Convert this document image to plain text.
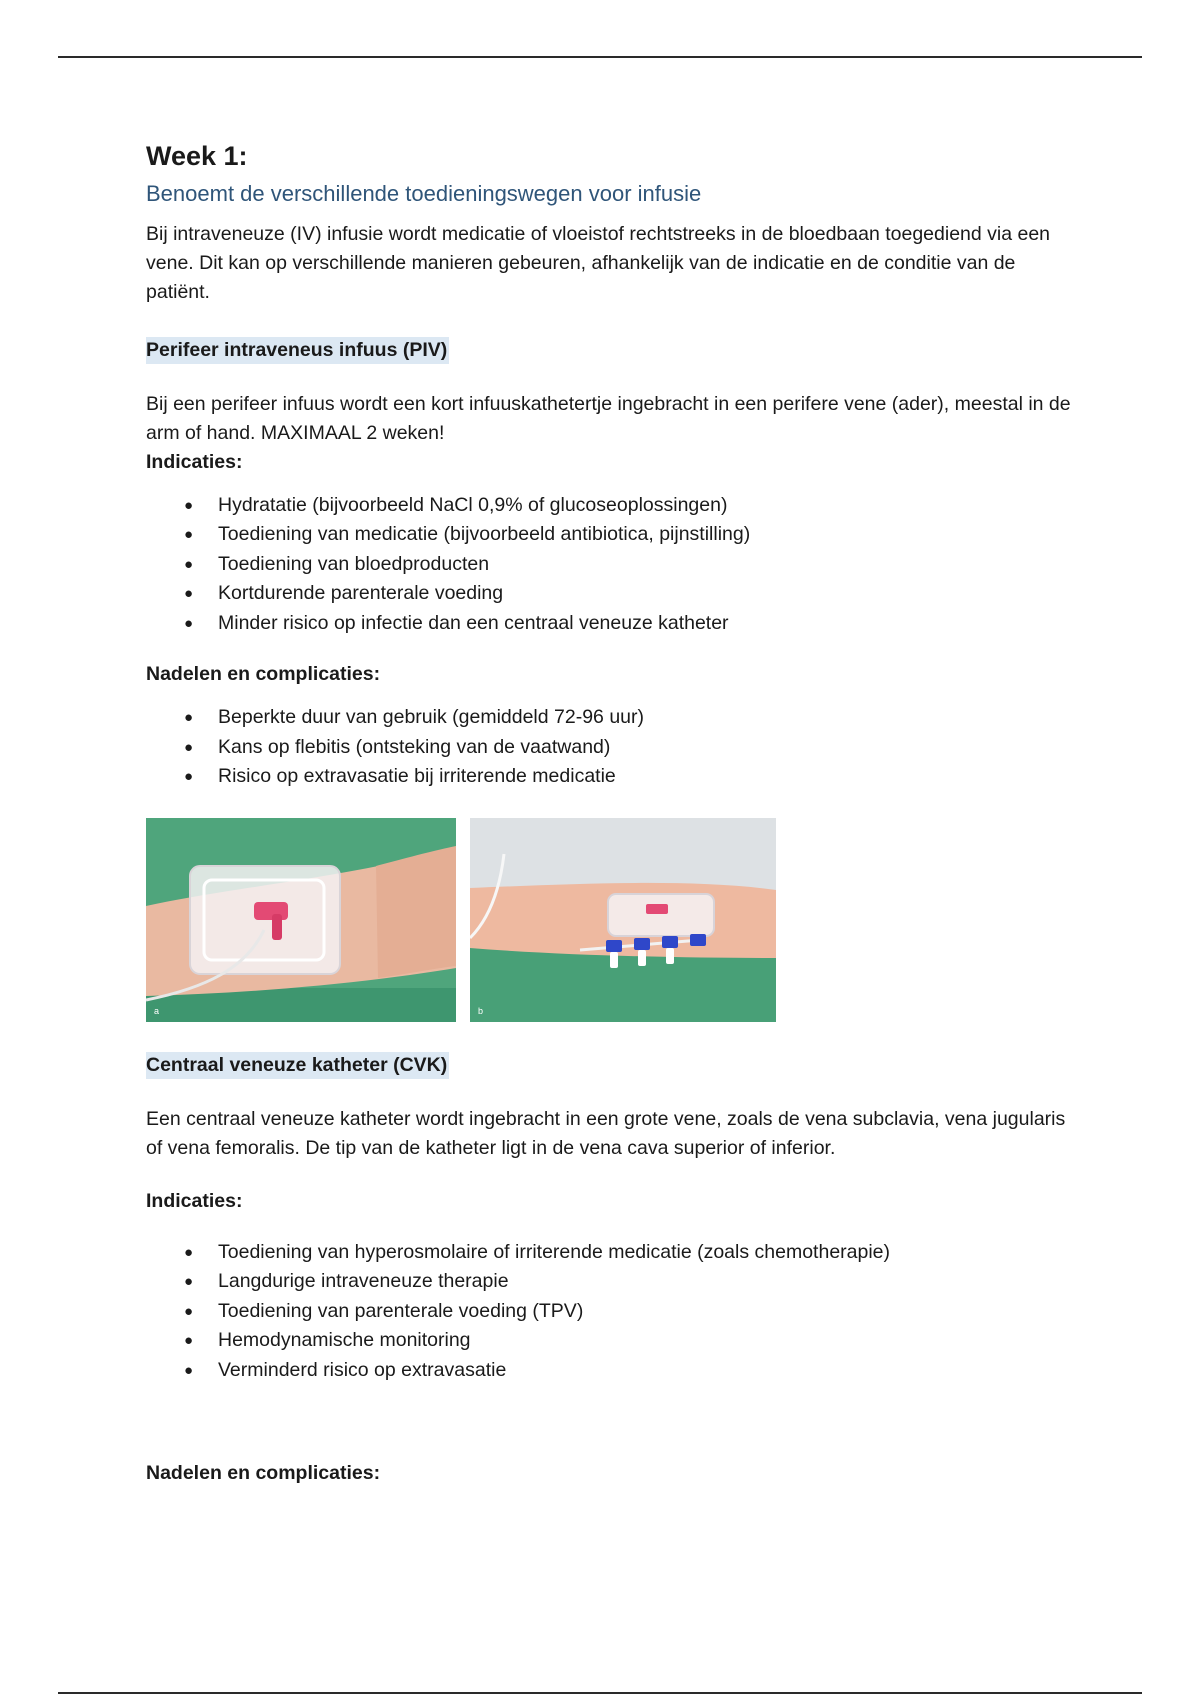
Week 1:
Benoemt de verschillende toedieningswegen voor infusie

Bij intraveneuze (IV) infusie wordt medicatie of vloeistof rechtstreeks in de bloedbaan toegediend via een vene. Dit kan op verschillende manieren gebeuren, afhankelijk van de indicatie en de conditie van de patiënt.

Perifeer intraveneus infuus (PIV)

Bij een perifeer infuus wordt een kort infuuskathetertje ingebracht in een perifere vene (ader), meestal in de arm of hand. MAXIMAAL 2 weken!

Indicaties:
● Hydratatie (bijvoorbeeld NaCl 0,9% of glucoseoplossingen)
● Toediening van medicatie (bijvoorbeeld antibiotica, pijnstilling)
● Toediening van bloedproducten
● Kortdurende parenterale voeding
● Minder risico op infectie dan een centraal veneuze katheter
Nadelen en complicaties:
● Beperkte duur van gebruik (gemiddeld 72-96 uur)
● Kans op flebitis (ontsteking van de vaatwand)
● Risico op extravasatie bij irriterende medicatie
a	b
Centraal veneuze katheter (CVK)

Een centraal veneuze katheter wordt ingebracht in een grote vene, zoals de vena subclavia, vena jugularis of vena femoralis. De tip van de katheter ligt in de vena cava superior of inferior.

Indicaties:
● Toediening van hyperosmolaire of irriterende medicatie (zoals chemotherapie)
● Langdurige intraveneuze therapie
● Toediening van parenterale voeding (TPV)
● Hemodynamische monitoring
● Verminderd risico op extravasatie
Nadelen en complicaties:
